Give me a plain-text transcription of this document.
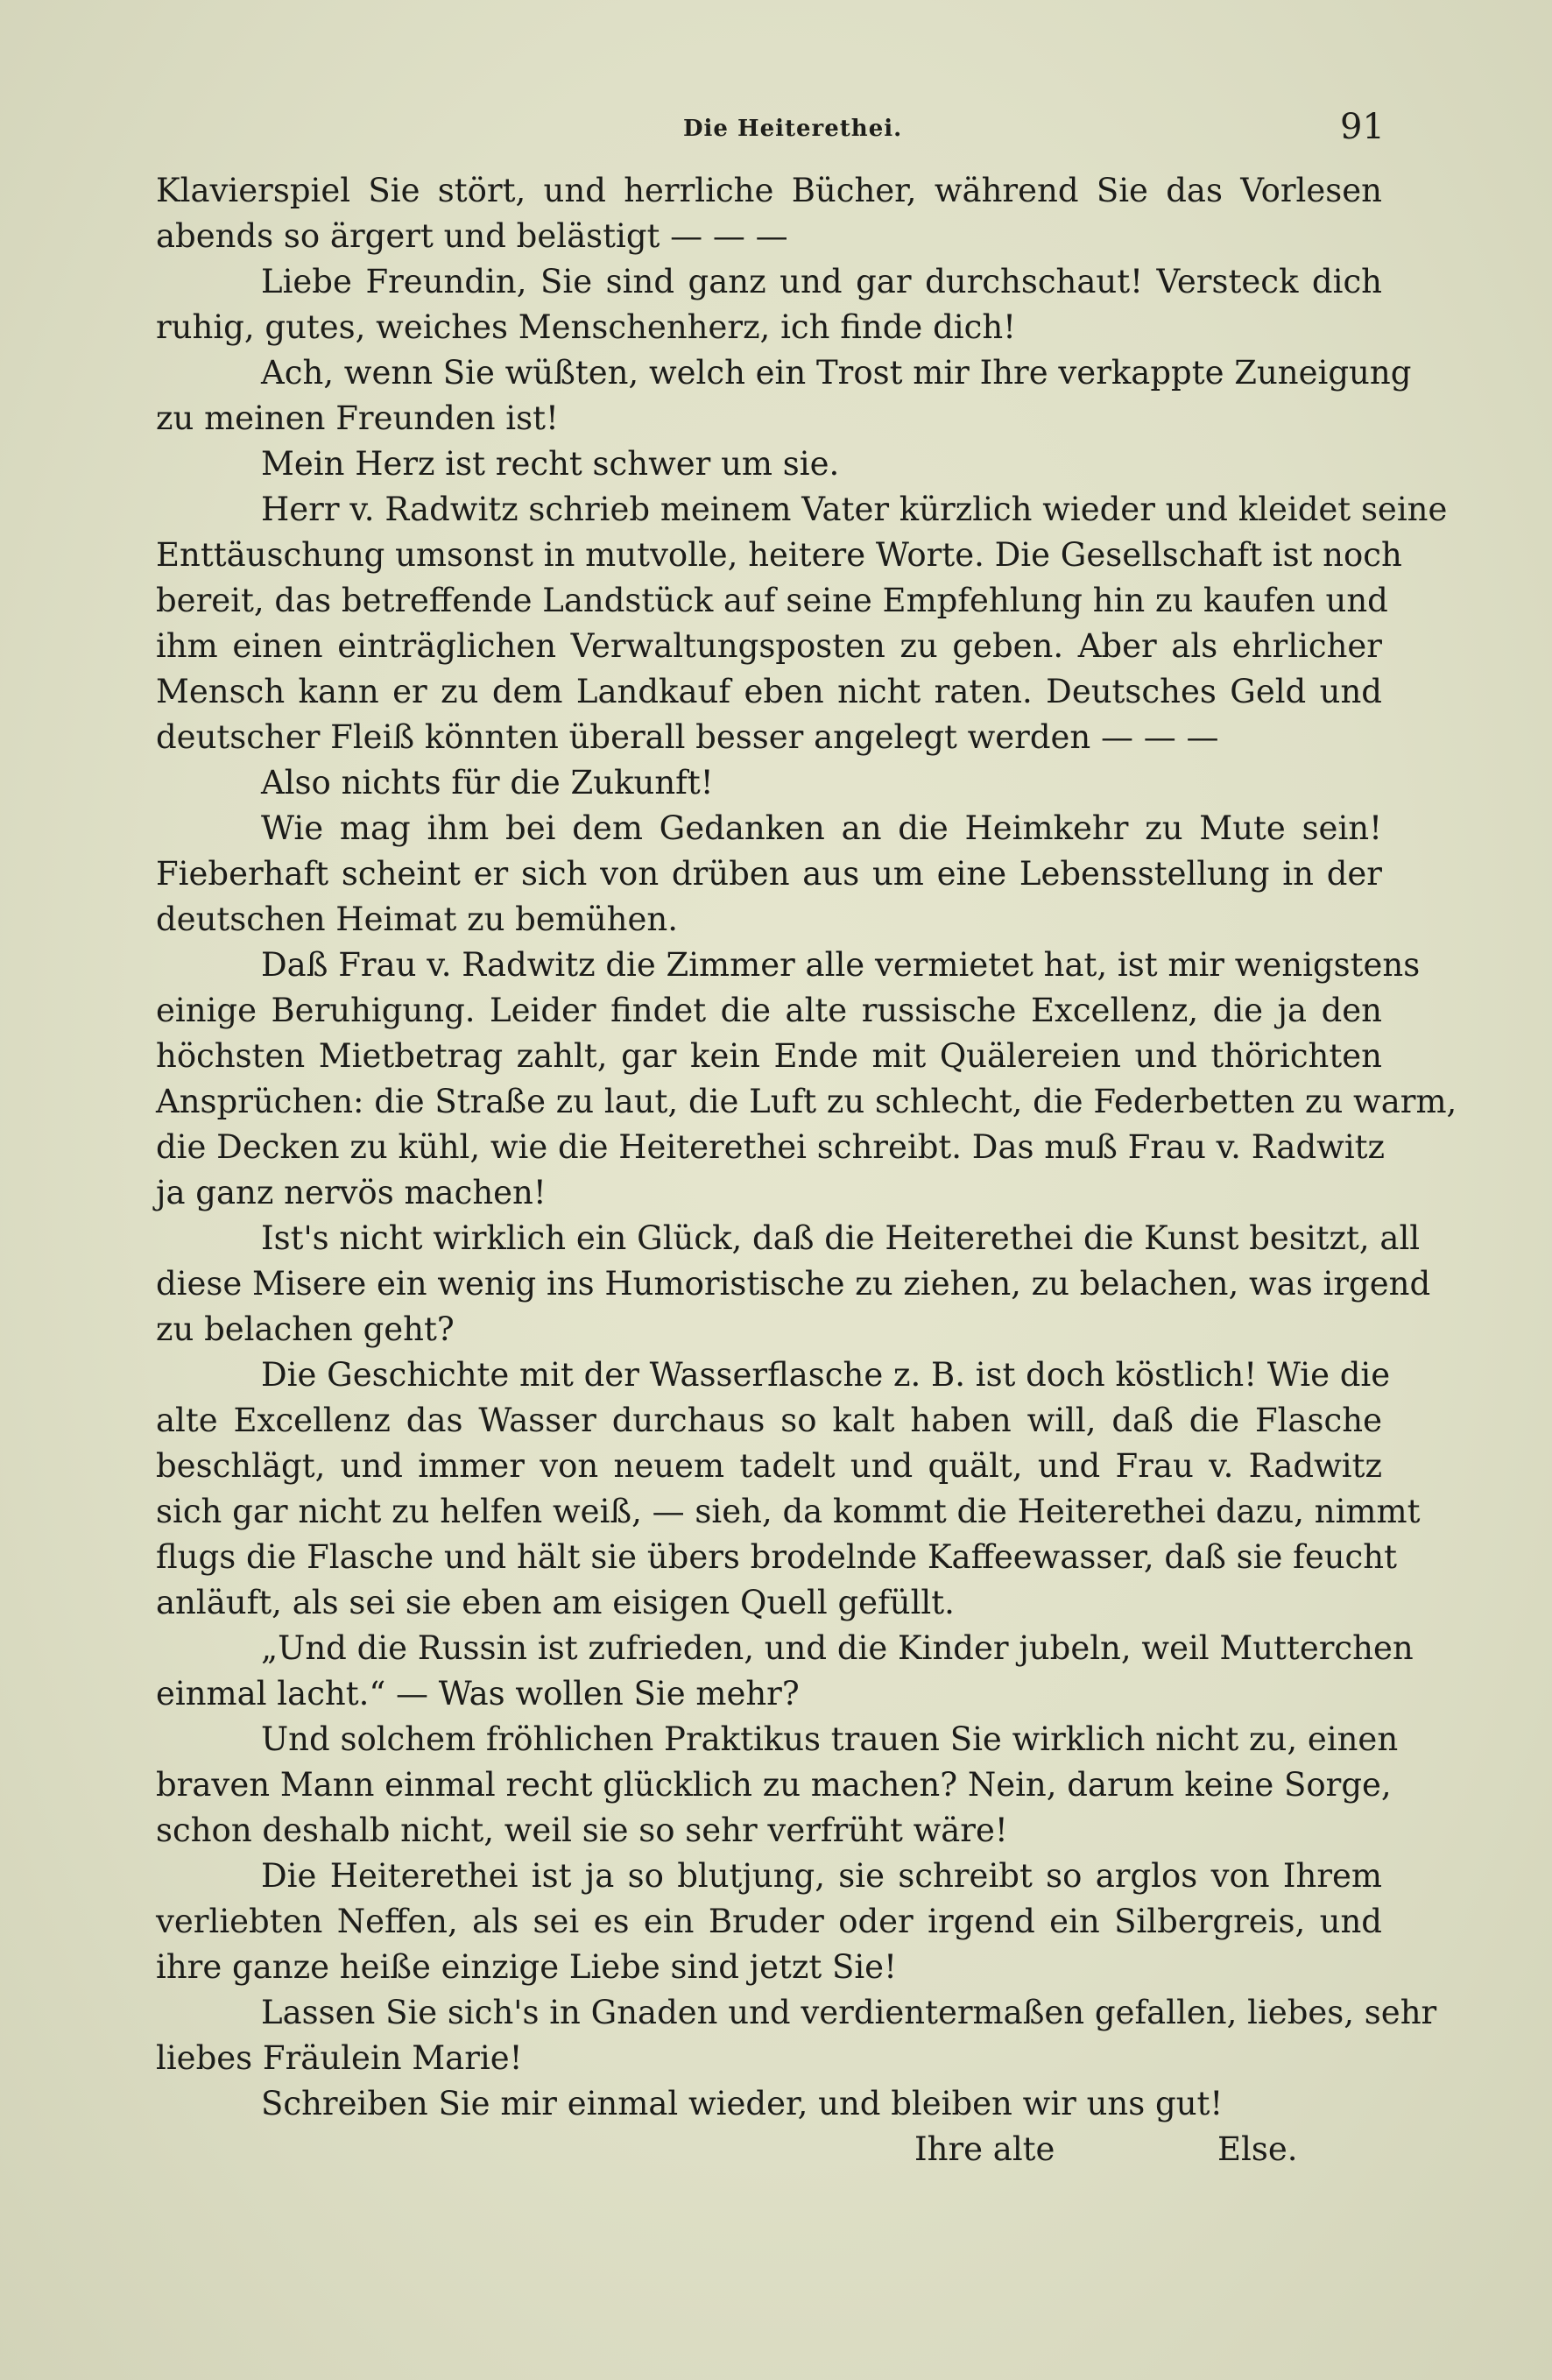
Die Heiterethei.	91
Klavierspiel Sie stört, und herrliche Bücher, während Sie das Vorlesen
abends so ärgert und belästigt — — —
Liebe Freundin, Sie sind ganz und gar durchschaut! Versteck dich
ruhig, gutes, weiches Menschenherz, ich finde dich!
Ach, wenn Sie wüßten, welch ein Trost mir Ihre verkappte Zuneigung
zu meinen Freunden ist!
Mein Herz ist recht schwer um sie.
Herr v. Radwitz schrieb meinem Vater kürzlich wieder und kleidet seine
Enttäuschung umsonst in mutvolle, heitere Worte. Die Gesellschaft ist noch
bereit, das betreffende Landstück auf seine Empfehlung hin zu kaufen und
ihm einen einträglichen Verwaltungsposten zu geben. Aber als ehrlicher
Mensch kann er zu dem Landkauf eben nicht raten. Deutsches Geld und
deutscher Fleiß könnten überall besser angelegt werden — — —
Also nichts für die Zukunft!
Wie mag ihm bei dem Gedanken an die Heimkehr zu Mute sein!
Fieberhaft scheint er sich von drüben aus um eine Lebensstellung in der
deutschen Heimat zu bemühen.
Daß Frau v. Radwitz die Zimmer alle vermietet hat, ist mir wenigstens
einige Beruhigung. Leider findet die alte russische Excellenz, die ja den
höchsten Mietbetrag zahlt, gar kein Ende mit Quälereien und thörichten
Ansprüchen: die Straße zu laut, die Luft zu schlecht, die Federbetten zu warm,
die Decken zu kühl, wie die Heiterethei schreibt. Das muß Frau v. Radwitz
ja ganz nervös machen!
Ist's nicht wirklich ein Glück, daß die Heiterethei die Kunst besitzt, all
diese Misere ein wenig ins Humoristische zu ziehen, zu belachen, was irgend
zu belachen geht?
Die Geschichte mit der Wasserflasche z. B. ist doch köstlich! Wie die
alte Excellenz das Wasser durchaus so kalt haben will, daß die Flasche
beschlägt, und immer von neuem tadelt und quält, und Frau v. Radwitz
sich gar nicht zu helfen weiß, — sieh, da kommt die Heiterethei dazu, nimmt
flugs die Flasche und hält sie übers brodelnde Kaffeewasser, daß sie feucht
anläuft, als sei sie eben am eisigen Quell gefüllt.
„Und die Russin ist zufrieden, und die Kinder jubeln, weil Mutterchen
einmal lacht.“ — Was wollen Sie mehr?
Und solchem fröhlichen Praktikus trauen Sie wirklich nicht zu, einen
braven Mann einmal recht glücklich zu machen? Nein, darum keine Sorge,
schon deshalb nicht, weil sie so sehr verfrüht wäre!
Die Heiterethei ist ja so blutjung, sie schreibt so arglos von Ihrem
verliebten Neffen, als sei es ein Bruder oder irgend ein Silbergreis, und
ihre ganze heiße einzige Liebe sind jetzt Sie!
Lassen Sie sich's in Gnaden und verdientermaßen gefallen, liebes, sehr
liebes Fräulein Marie!
Schreiben Sie mir einmal wieder, und bleiben wir uns gut!
Ihre alte	Else.
